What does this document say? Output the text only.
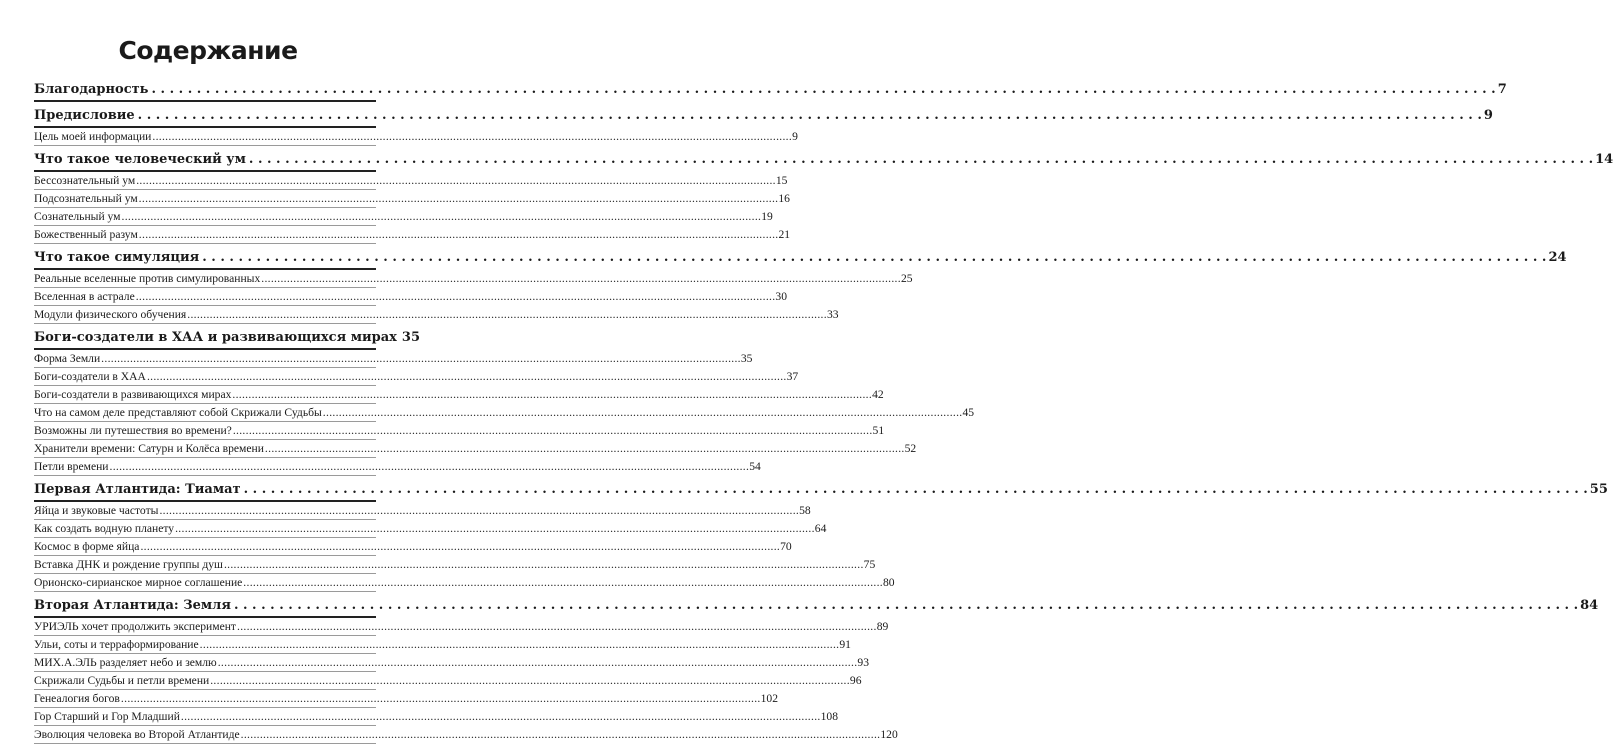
Содержание
Благодарность . . .	7
Предисловие . . .	9
Цель моей информации .....	9
Что такое человеческий ум . . .	14
Бессознательный ум .....	15
Подсознательный ум .....	16
Сознательный ум .....	19
Божественный разум .....	21
Что такое симуляция . . .	24
Реальные вселенные против симулированных .....	25
Вселенная в астрале .....	30
Модули физического обучения .....	33
Боги-создатели в ХАА и развивающихся мирах 35
Форма Земли .....	35
Боги-создатели в ХАА .....	37
Боги-создатели в развивающихся мирах .....	42
Что на самом деле представляют собой Скрижали Судьбы .....	45
Возможны ли путешествия во времени? .....	51
Хранители времени: Сатурн и Колёса времени .....	52
Петли времени .....	54
Первая Атлантида: Тиамат . . .	55
Яйца и звуковые частоты .....	58
Как создать водную планету .....	64
Космос в форме яйца .....	70
Вставка ДНК и рождение группы душ .....	75
Орионско-сирианское мирное соглашение .....	80
Вторая Атлантида: Земля . . .	84
УРИЭЛЬ хочет продолжить эксперимент .....	89
Ульи, соты и терраформирование .....	91
МИХ.А.ЭЛЬ разделяет небо и землю .....	93
Скрижали Судьбы и петли времени .....	96
Генеалогия богов .....	102
Гор Старший и Гор Младший .....	108
Эволюция человека во Второй Атлантиде .....	120
